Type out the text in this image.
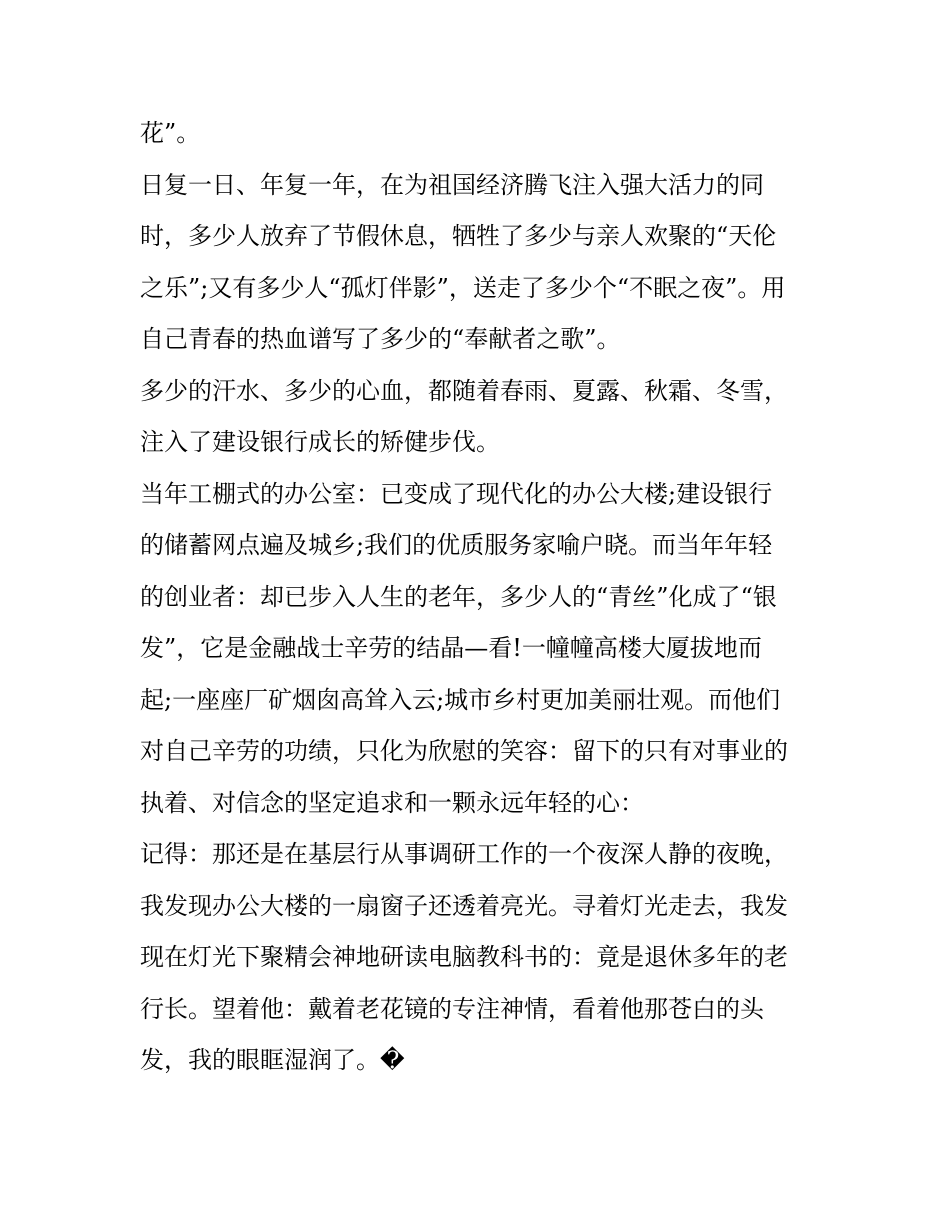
花”。
日复一日、年复一年，在为祖国经济腾飞注入强大活力的同
时，多少人放弃了节假休息，牺牲了多少与亲人欢聚的“天伦
之乐”;又有多少人“孤灯伴影”，送走了多少个“不眠之夜”。用
自己青春的热血谱写了多少的“奉献者之歌”。
多少的汗水、多少的心血，都随着春雨、夏露、秋霜、冬雪，
注入了建设银行成长的矫健步伐。
当年工棚式的办公室：已变成了现代化的办公大楼;建设银行
的储蓄网点遍及城乡;我们的优质服务家喻户晓。而当年年轻
的创业者：却已步入人生的老年，多少人的“青丝”化成了“银
发”，它是金融战士辛劳的结晶—看!一幢幢高楼大厦拔地而
起;一座座厂矿烟囱高耸入云;城市乡村更加美丽壮观。而他们
对自己辛劳的功绩，只化为欣慰的笑容：留下的只有对事业的
执着、对信念的坚定追求和一颗永远年轻的心：
记得：那还是在基层行从事调研工作的一个夜深人静的夜晚，
我发现办公大楼的一扇窗子还透着亮光。寻着灯光走去，我发
现在灯光下聚精会神地研读电脑教科书的：竟是退休多年的老
行长。望着他：戴着老花镜的专注神情，看着他那苍白的头
发，我的眼眶湿润了。�
